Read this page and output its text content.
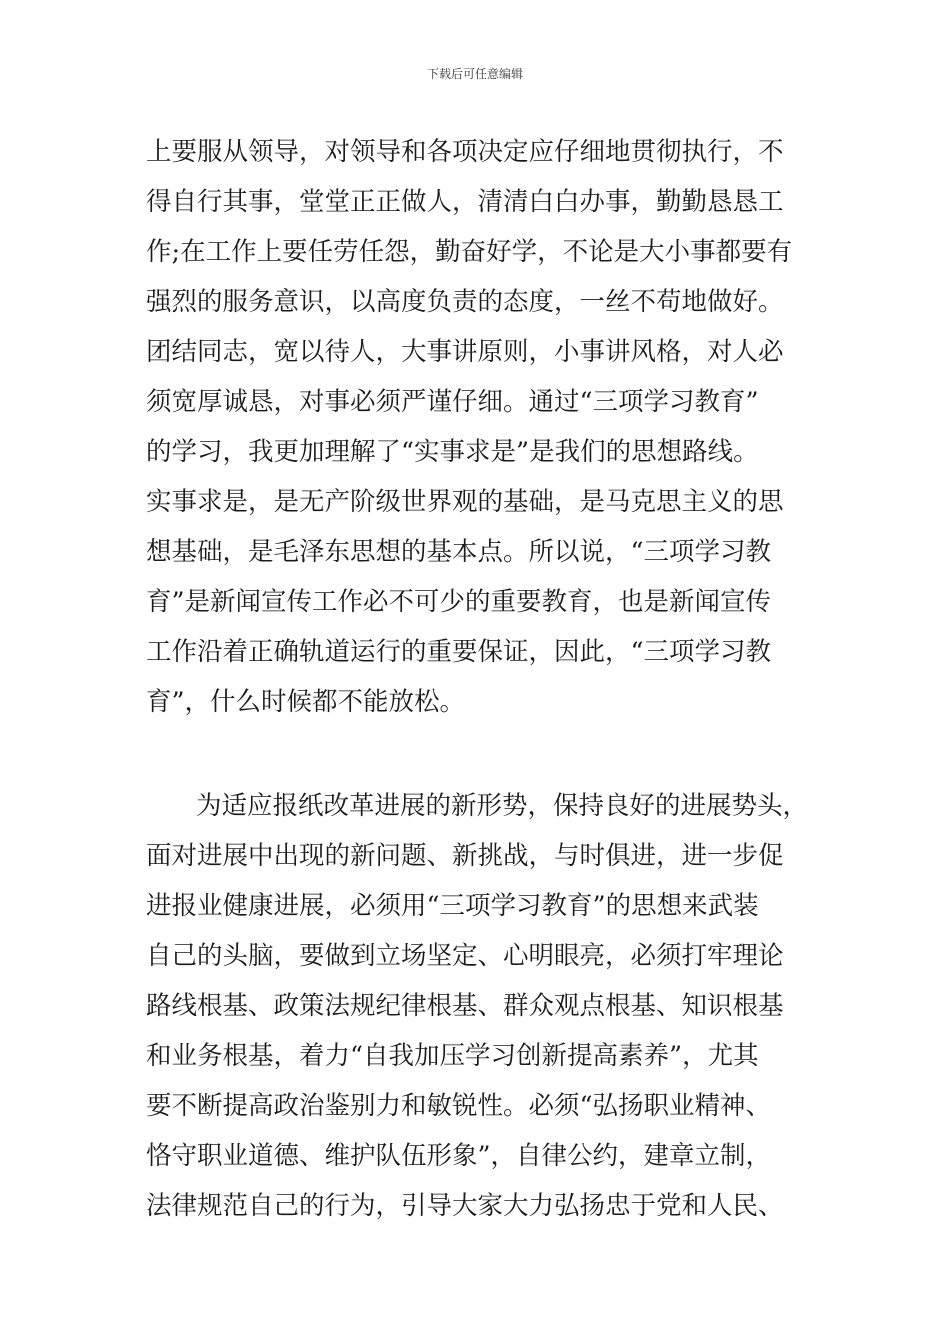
下载后可任意编辑
上要服从领导，对领导和各项决定应仔细地贯彻执行，不
得自行其事，堂堂正正做人，清清白白办事，勤勤恳恳工
作;在工作上要任劳任怨，勤奋好学，不论是大小事都要有
强烈的服务意识，以高度负责的态度，一丝不苟地做好。
团结同志，宽以待人，大事讲原则，小事讲风格，对人必
须宽厚诚恳，对事必须严谨仔细。通过“三项学习教育”
的学习，我更加理解了“实事求是”是我们的思想路线。
实事求是，是无产阶级世界观的基础，是马克思主义的思
想基础，是毛泽东思想的基本点。所以说，“三项学习教
育”是新闻宣传工作必不可少的重要教育，也是新闻宣传
工作沿着正确轨道运行的重要保证，因此，“三项学习教
育”，什么时候都不能放松。
为适应报纸改革进展的新形势，保持良好的进展势头，
面对进展中出现的新问题、新挑战，与时俱进，进一步促
进报业健康进展，必须用“三项学习教育”的思想来武装
自己的头脑，要做到立场坚定、心明眼亮，必须打牢理论
路线根基、政策法规纪律根基、群众观点根基、知识根基
和业务根基，着力“自我加压学习创新提高素养”，尤其
要不断提高政治鉴别力和敏锐性。必须“弘扬职业精神、
恪守职业道德、维护队伍形象”，自律公约，建章立制，
法律规范自己的行为，引导大家大力弘扬忠于党和人民、
